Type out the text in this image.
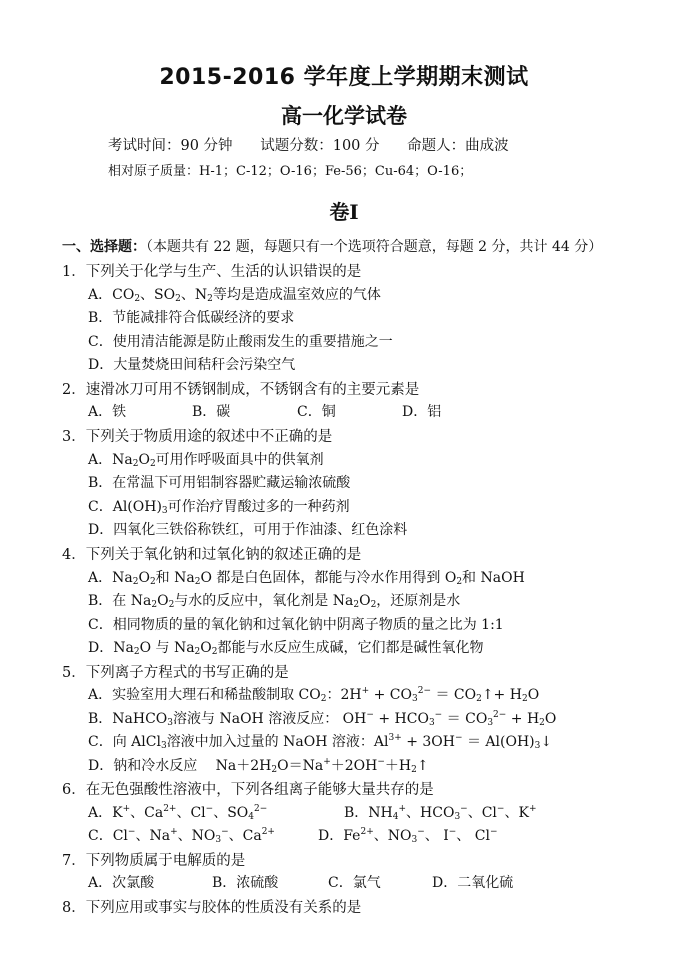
2015-2016 学年度上学期期末测试
高一化学试卷
考试时间：90 分钟      试题分数：100 分      命题人：曲成波
相对原子质量：H-1；C-12；O-16；Fe-56；Cu-64；O-16；
卷Ⅰ
一、选择题：（本题共有 22 题，每题只有一个选项符合题意，每题 2 分，共计 44 分）
1．下列关于化学与生产、生活的认识错误的是
A．$CO_2$、$SO_2$、$N_2$等均是造成温室效应的气体
B．节能减排符合低碳经济的要求
C．使用清洁能源是防止酸雨发生的重要措施之一
D．大量焚烧田间秸秆会污染空气
2．速滑冰刀可用不锈钢制成，不锈钢含有的主要元素是
A．铁	B．碳	C．铜	D．铝
3．下列关于物质用途的叙述中不正确的是
A．$Na_2O_2$可用作呼吸面具中的供氧剂
B．在常温下可用铝制容器贮藏运输浓硫酸
C．$Al(OH)_3$可作治疗胃酸过多的一种药剂
D．四氧化三铁俗称铁红，可用于作油漆、红色涂料
4．下列关于氧化钠和过氧化钠的叙述正确的是
A．$Na_2O_2$和 $Na_2O$ 都是白色固体，都能与冷水作用得到 $O_2$和 NaOH
B．在 $Na_2O_2$与水的反应中，氧化剂是 $Na_2O_2$，还原剂是水
C．相同物质的量的氧化钠和过氧化钠中阴离子物质的量之比为 1:1
D．$Na_2O$ 与 $Na_2O_2$都能与水反应生成碱，它们都是碱性氧化物
5．下列离子方程式的书写正确的是
A．实验室用大理石和稀盐酸制取 $CO_2$：$2H^+ + CO_3^{2-}$ ＝ $CO_2↑+ H_2O$
B．NaHCO$_3$溶液与 NaOH 溶液反应： $OH^- + HCO_3^- = CO_3^{2-} + H_2O$
C．向 AlCl$_3$溶液中加入过量的 NaOH 溶液：$Al^{3+} + 3OH^-$ ＝ $Al(OH)_3↓$
D．钠和冷水反应　 $Na+2H_2O=Na^++2OH^-+H_2↑$
6．在无色强酸性溶液中，下列各组离子能够大量共存的是
A．K+、$Ca^{2+}$、Cl−、$SO_4^{2-}$	B．$NH_4^+$、$HCO_3^-$、Cl−、K+
C．Cl−、Na+、$NO_3^-$、$Ca^{2+}$	D．$Fe^{2+}$、$NO_3^-$、 I−、 Cl−
7．下列物质属于电解质的是
A．次氯酸	B．浓硫酸	C．氯气	D．二氧化硫
8．下列应用或事实与胶体的性质没有关系的是
